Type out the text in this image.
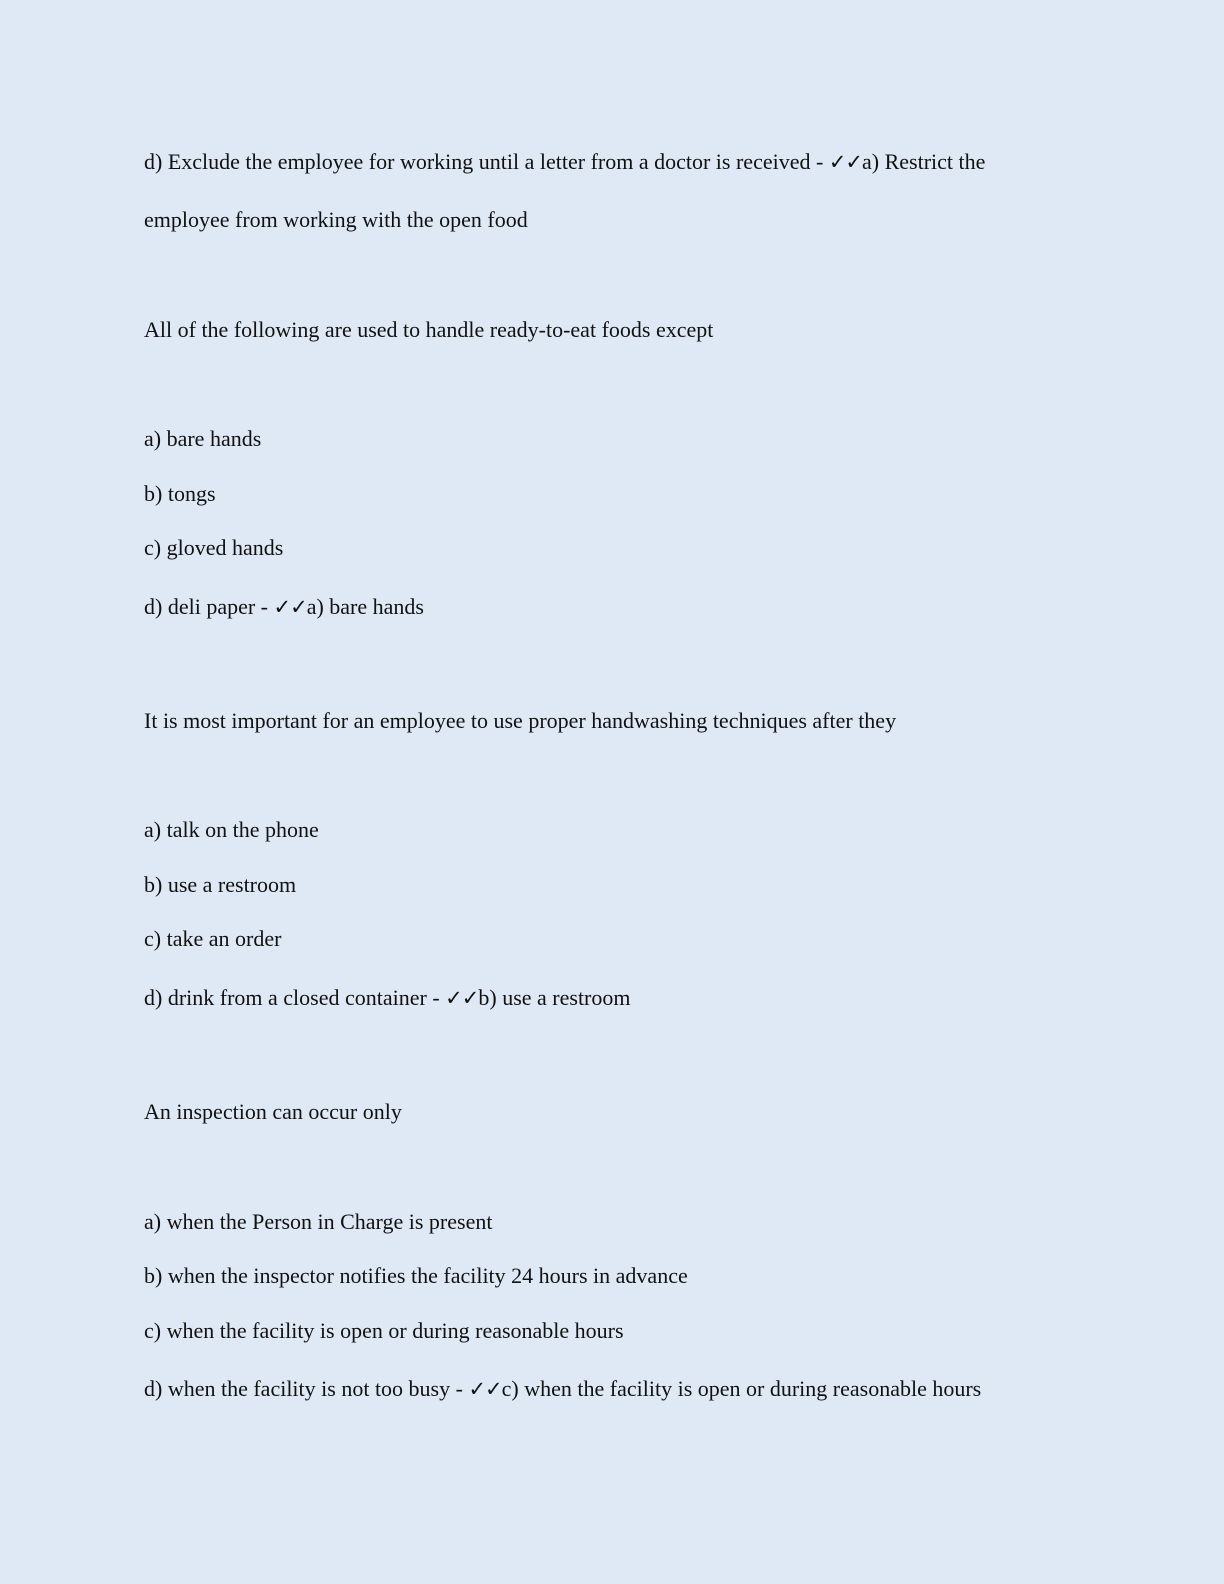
d) Exclude the employee for working until a letter from a doctor is received - ✓✓a) Restrict the
employee from working with the open food
All of the following are used to handle ready-to-eat foods except
a) bare hands
b) tongs
c) gloved hands
d) deli paper - ✓✓a) bare hands
It is most important for an employee to use proper handwashing techniques after they
a) talk on the phone
b) use a restroom
c) take an order
d) drink from a closed container - ✓✓b) use a restroom
An inspection can occur only
a) when the Person in Charge is present
b) when the inspector notifies the facility 24 hours in advance
c) when the facility is open or during reasonable hours
d) when the facility is not too busy - ✓✓c) when the facility is open or during reasonable hours
